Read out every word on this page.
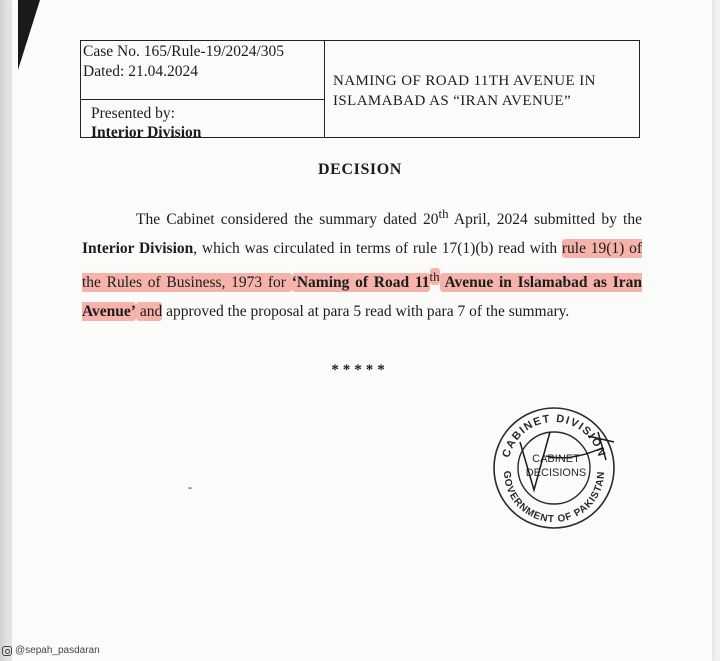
Case No. 165/Rule-19/2024/305
Dated: 21.04.2024
Presented by:
Interior Division
NAMING OF ROAD 11TH AVENUE IN
ISLAMABAD AS “IRAN AVENUE”
DECISION
The Cabinet considered the summary dated 20th April, 2024 submitted by the Interior Division, which was circulated in terms of rule 17(1)(b) read with rule 19(1) of the Rules of Business, 1973 for ‘Naming of Road 11th Avenue in Islamabad as Iran Avenue’ and approved the proposal at para 5 read with para 7 of the summary.
*****
-
CABINET DIVISION
GOVERNMENT OF PAKISTAN
CABINET
DECISIONS
@sepah_pasdaran
